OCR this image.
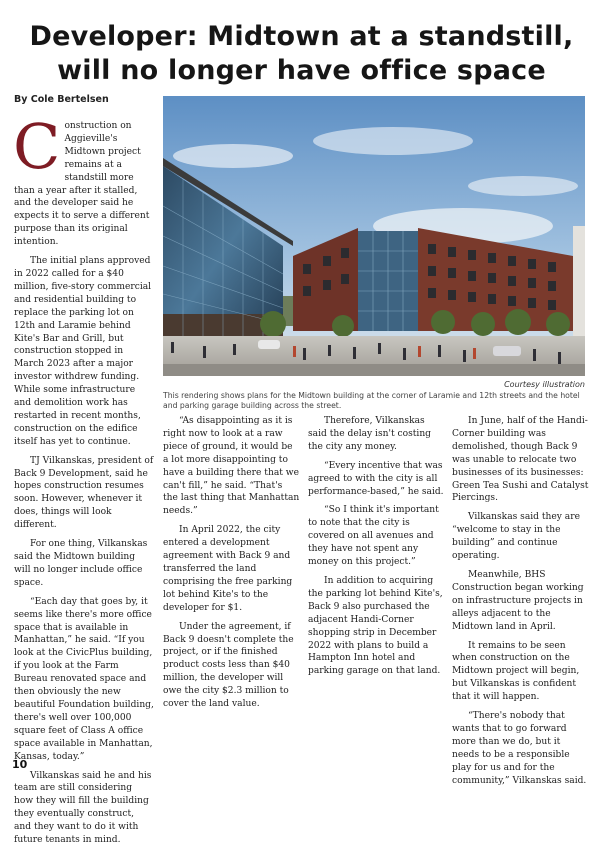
Developer: Midtown at a standstill,
will no longer have office space
By Cole Bertelsen
Courtesy illustration
This rendering shows plans for the Midtown building at the corner of Laramie and 12th streets and the hotel and parking garage building across the street.

Construction on Aggieville's Midtown project remains at a standstill more than a year after it stalled, and the developer said he expects it to serve a different purpose than its original intention.

The initial plans approved in 2022 called for a $40 million, five-story commercial and residential building to replace the parking lot on 12th and Laramie behind Kite's Bar and Grill, but construction stopped in March 2023 after a major investor withdrew funding. While some infrastructure and demolition work has restarted in recent months, construction on the edifice itself has yet to continue.

TJ Vilkanskas, president of Back 9 Development, said he hopes construction resumes soon. However, whenever it does, things will look different.

For one thing, Vilkanskas said the Midtown building will no longer include office space.

“Each day that goes by, it seems like there's more office space that is available in Manhattan,” he said. “If you look at the CivicPlus building, if you look at the Farm Bureau renovated space and then obviously the new beautiful Foundation building, there's well over 100,000 square feet of Class A office space available in Manhattan, Kansas, today.”

Vilkanskas said he and his team are still considering how they will fill the building they eventually construct, and they want to do it with future tenants in mind.

“As disappointing as it is right now to look at a raw piece of ground, it would be a lot more disappointing to have a building there that we can't fill,” he said. “That's the last thing that Manhattan needs.”

In April 2022, the city entered a development agreement with Back 9 and transferred the land comprising the free parking lot behind Kite's to the developer for $1.

Under the agreement, if Back 9 doesn't complete the project, or if the finished product costs less than $40 million, the developer will owe the city $2.3 million to cover the land value.

Therefore, Vilkanskas said the delay isn't costing the city any money.

“Every incentive that was agreed to with the city is all performance-based,” he said.

“So I think it's important to note that the city is covered on all avenues and they have not spent any money on this project.”

In addition to acquiring the parking lot behind Kite's, Back 9 also purchased the adjacent Handi-Corner shopping strip in December 2022 with plans to build a Hampton Inn hotel and parking garage on that land.

In June, half of the Handi-Corner building was demolished, though Back 9 was unable to relocate two businesses of its businesses: Green Tea Sushi and Catalyst Piercings.

Vilkanskas said they are “welcome to stay in the building” and continue operating.

Meanwhile, BHS Construction began working on infrastructure projects in alleys adjacent to the Midtown land in April.

It remains to be seen when construction on the Midtown project will begin, but Vilkanskas is confident that it will happen.

“There's nobody that wants that to go forward more than we do, but it needs to be a responsible play for us and for the community,” Vilkanskas said.

10
